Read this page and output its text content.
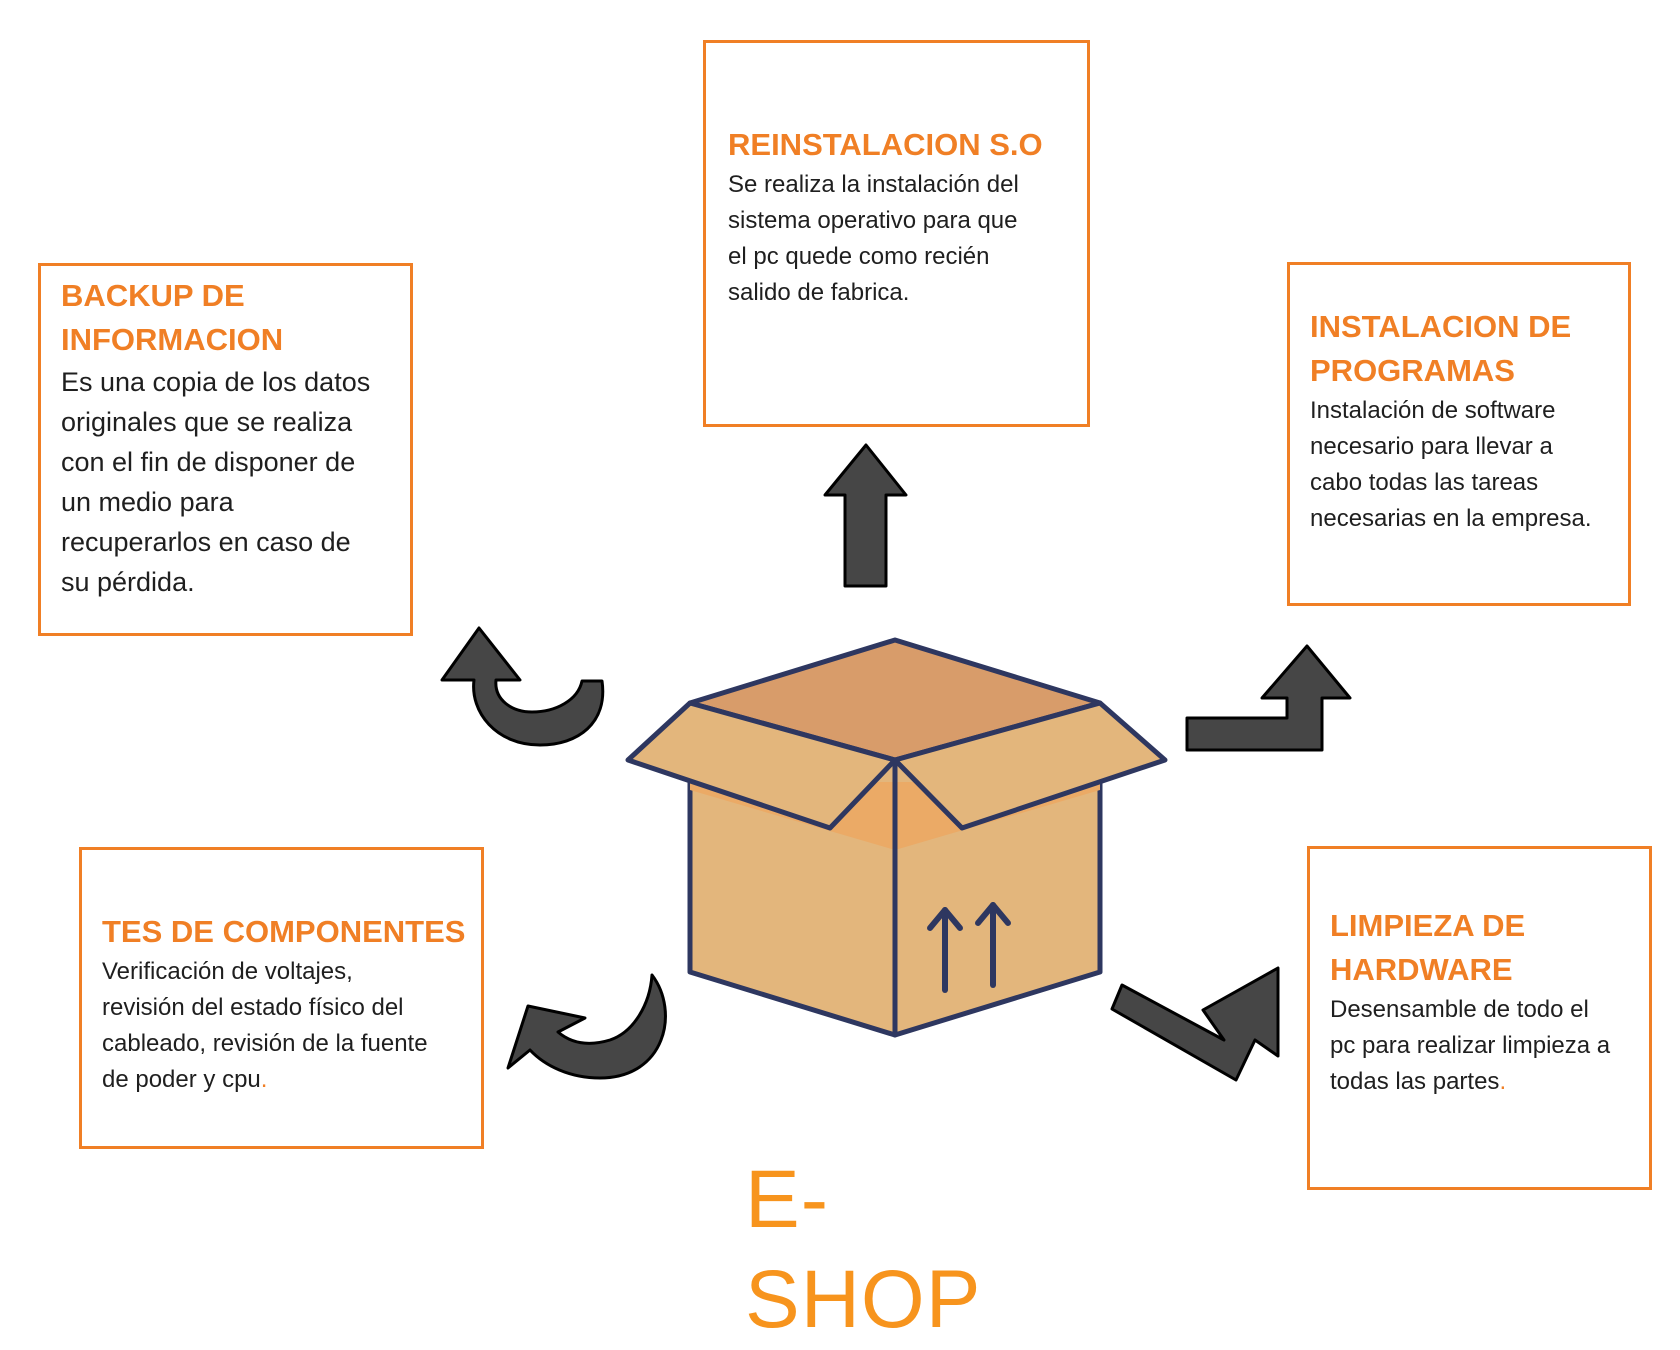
BACKUP DE
INFORMACION

Es una copia de los datos
originales que se realiza
con el fin de disponer de
un medio para
recuperarlos en caso de
su pérdida.

REINSTALACION S.O

Se realiza la instalación del
sistema operativo para que
el pc quede como recién
salido de fabrica.

INSTALACION DE
PROGRAMAS

Instalación de software
necesario para llevar a
cabo todas las tareas
necesarias en la empresa.

TES DE COMPONENTES

Verificación de voltajes,
revisión del estado físico del
cableado, revisión de la fuente
de poder y cpu.

LIMPIEZA DE
HARDWARE

Desensamble de todo el
pc para realizar limpieza a
todas las partes.

E-SHOP
